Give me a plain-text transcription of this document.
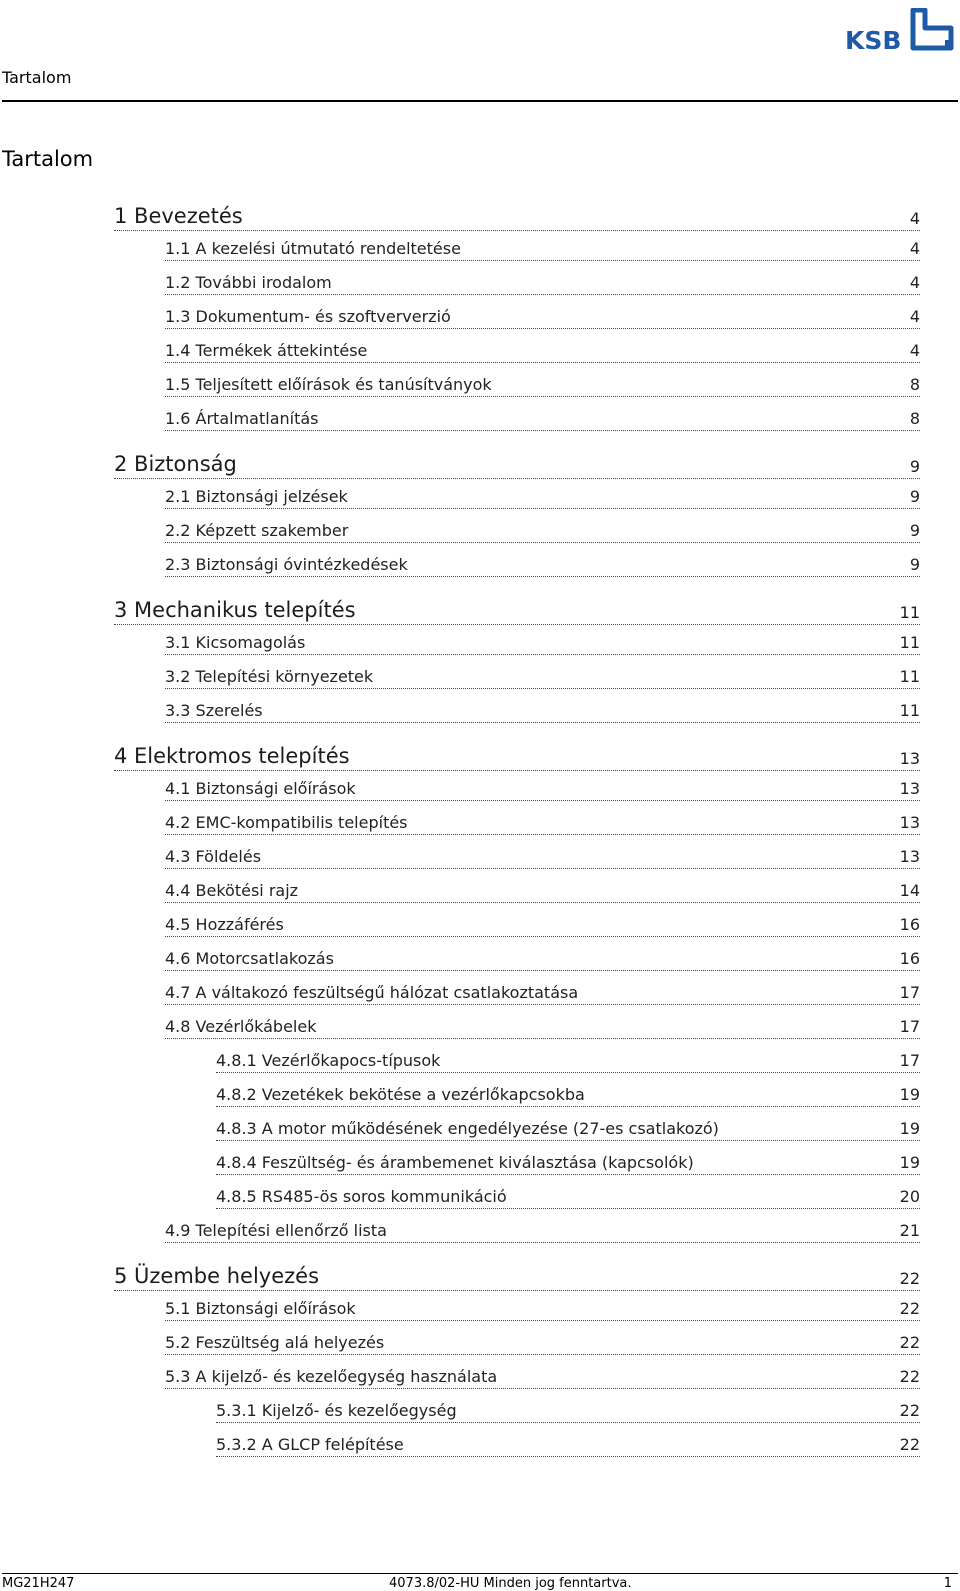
Tartalom
KSB
Tartalom
1 Bevezetés	4
1.1 A kezelési útmutató rendeltetése	4
1.2 További irodalom	4
1.3 Dokumentum- és szoftververzió	4
1.4 Termékek áttekintése	4
1.5 Teljesített előírások és tanúsítványok	8
1.6 Ártalmatlanítás	8
2 Biztonság	9
2.1 Biztonsági jelzések	9
2.2 Képzett szakember	9
2.3 Biztonsági óvintézkedések	9
3 Mechanikus telepítés	11
3.1 Kicsomagolás	11
3.2 Telepítési környezetek	11
3.3 Szerelés	11
4 Elektromos telepítés	13
4.1 Biztonsági előírások	13
4.2 EMC-kompatibilis telepítés	13
4.3 Földelés	13
4.4 Bekötési rajz	14
4.5 Hozzáférés	16
4.6 Motorcsatlakozás	16
4.7 A váltakozó feszültségű hálózat csatlakoztatása	17
4.8 Vezérlőkábelek	17
4.8.1 Vezérlőkapocs-típusok	17
4.8.2 Vezetékek bekötése a vezérlőkapcsokba	19
4.8.3 A motor működésének engedélyezése (27-es csatlakozó)	19
4.8.4 Feszültség- és árambemenet kiválasztása (kapcsolók)	19
4.8.5 RS485-ös soros kommunikáció	20
4.9 Telepítési ellenőrző lista	21
5 Üzembe helyezés	22
5.1 Biztonsági előírások	22
5.2 Feszültség alá helyezés	22
5.3 A kijelző- és kezelőegység használata	22
5.3.1 Kijelző- és kezelőegység	22
5.3.2 A GLCP felépítése	22
MG21H247	4073.8/02-HU Minden jog fenntartva.	1
